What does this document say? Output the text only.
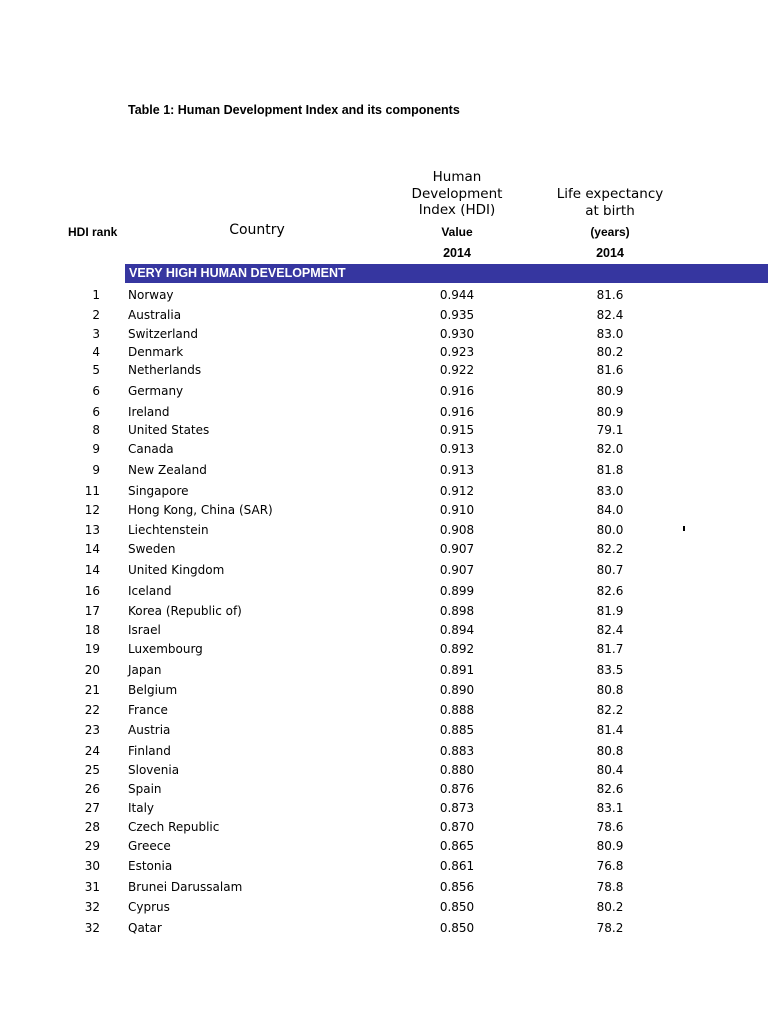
Table 1: Human Development Index and its components
Human
Development
Index (HDI)
Life expectancy
at birth
HDI rank	Country	Value	(years)
2014	2014
VERY HIGH HUMAN DEVELOPMENT
1 Norway	0.944	81.6
2 Australia	0.935	82.4
3 Switzerland	0.930	83.0
4 Denmark	0.923	80.2
5 Netherlands	0.922	81.6
6 Germany	0.916	80.9
6 Ireland	0.916	80.9
8 United States	0.915	79.1
9 Canada	0.913	82.0
9 New Zealand	0.913	81.8
11 Singapore	0.912	83.0
12 Hong Kong, China (SAR)	0.910	84.0
13 Liechtenstein	0.908	80.0
14 Sweden	0.907	82.2
14 United Kingdom	0.907	80.7
16 Iceland	0.899	82.6
17 Korea (Republic of)	0.898	81.9
18 Israel	0.894	82.4
19 Luxembourg	0.892	81.7
20 Japan	0.891	83.5
21 Belgium	0.890	80.8
22 France	0.888	82.2
23 Austria	0.885	81.4
24 Finland	0.883	80.8
25 Slovenia	0.880	80.4
26 Spain	0.876	82.6
27 Italy	0.873	83.1
28 Czech Republic	0.870	78.6
29 Greece	0.865	80.9
30 Estonia	0.861	76.8
31 Brunei Darussalam	0.856	78.8
32 Cyprus	0.850	80.2
32 Qatar	0.850	78.2
